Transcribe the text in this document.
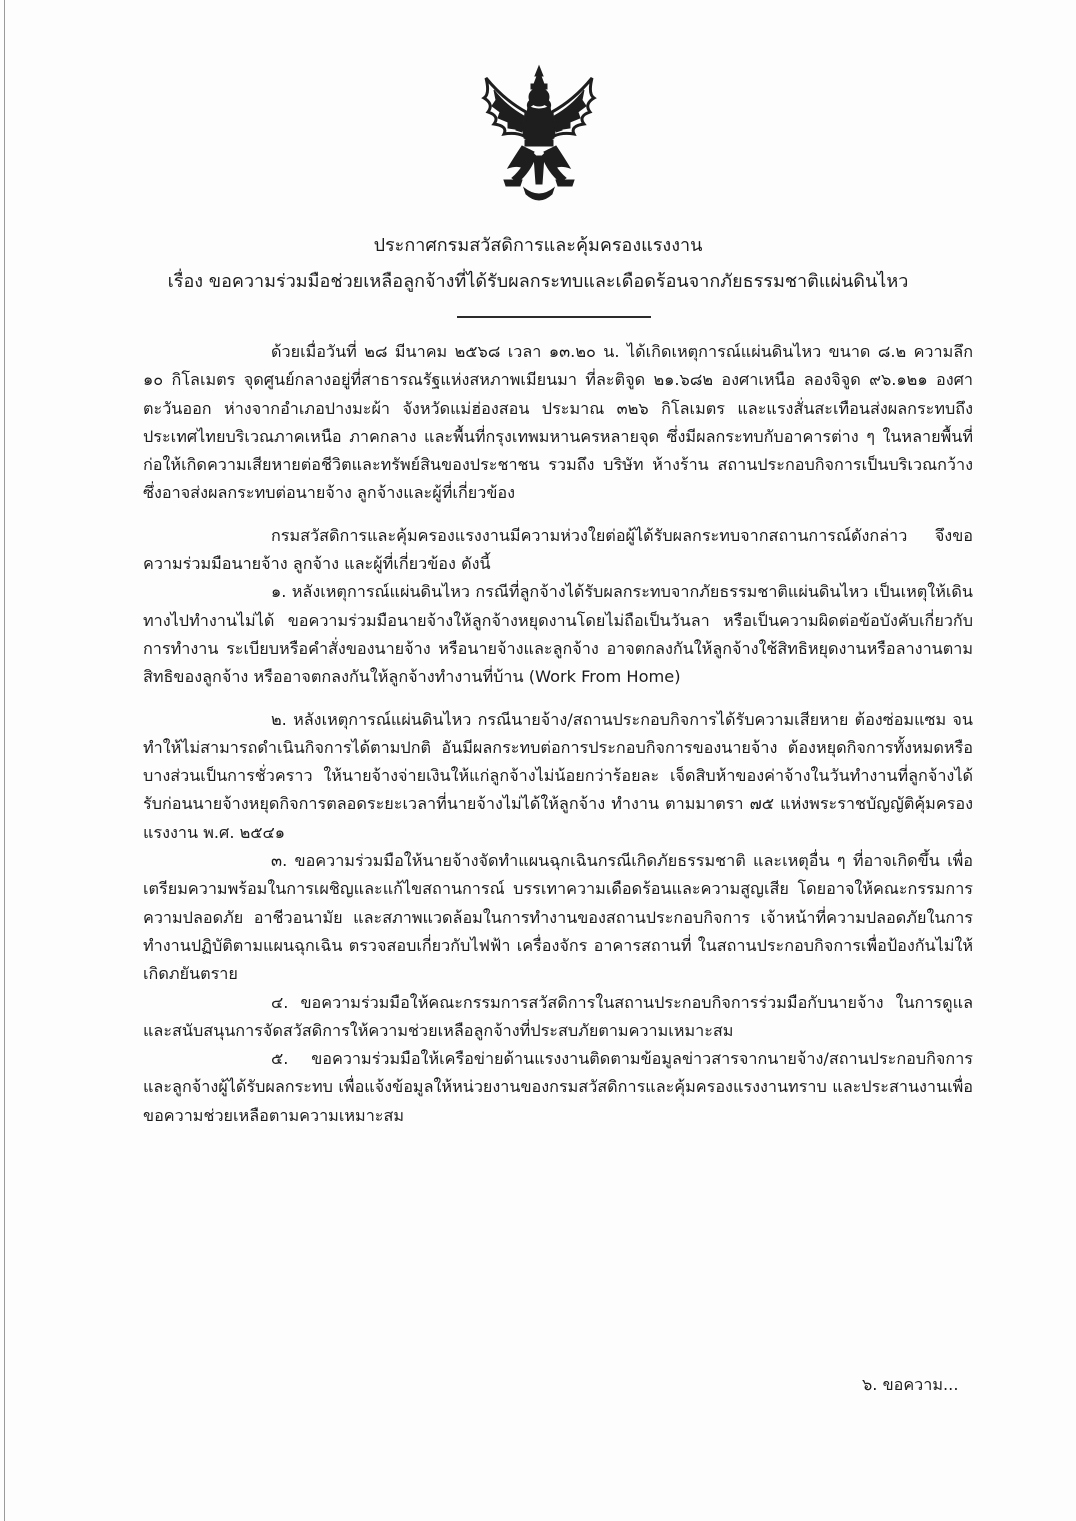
ประกาศกรมสวัสดิการและคุ้มครองแรงงาน
เรื่อง ขอความร่วมมือช่วยเหลือลูกจ้างที่ได้รับผลกระทบและเดือดร้อนจากภัยธรรมชาติแผ่นดินไหว

ด้วยเมื่อวันที่ ๒๘ มีนาคม ๒๕๖๘ เวลา ๑๓.๒๐ น. ได้เกิดเหตุการณ์แผ่นดินไหว ขนาด ๘.๒ ความลึก ๑๐ กิโลเมตร จุดศูนย์กลางอยู่ที่สาธารณรัฐแห่งสหภาพเมียนมา ที่ละติจูด ๒๑.๖๘๒ องศาเหนือ ลองจิจูด ๙๖.๑๒๑ องศาตะวันออก ห่างจากอำเภอปางมะผ้า จังหวัดแม่ฮ่องสอน ประมาณ ๓๒๖ กิโลเมตร และแรงสั่นสะเทือนส่งผลกระทบถึงประเทศไทยบริเวณภาคเหนือ ภาคกลาง และพื้นที่กรุงเทพมหานครหลายจุด ซึ่งมีผลกระทบกับอาคารต่าง ๆ ในหลายพื้นที่ ก่อให้เกิดความเสียหายต่อชีวิตและทรัพย์สินของประชาชน รวมถึง บริษัท ห้างร้าน สถานประกอบกิจการเป็นบริเวณกว้าง ซึ่งอาจส่งผลกระทบต่อนายจ้าง ลูกจ้างและผู้ที่เกี่ยวข้อง

กรมสวัสดิการและคุ้มครองแรงงานมีความห่วงใยต่อผู้ได้รับผลกระทบจากสถานการณ์ดังกล่าว จึงขอความร่วมมือนายจ้าง ลูกจ้าง และผู้ที่เกี่ยวข้อง ดังนี้

๑. หลังเหตุการณ์แผ่นดินไหว กรณีที่ลูกจ้างได้รับผลกระทบจากภัยธรรมชาติแผ่นดินไหว เป็นเหตุให้เดินทางไปทำงานไม่ได้ ขอความร่วมมือนายจ้างให้ลูกจ้างหยุดงานโดยไม่ถือเป็นวันลา หรือเป็นความผิดต่อข้อบังคับเกี่ยวกับการทำงาน ระเบียบหรือคำสั่งของนายจ้าง หรือนายจ้างและลูกจ้าง อาจตกลงกันให้ลูกจ้างใช้สิทธิหยุดงานหรือลางานตามสิทธิของลูกจ้าง หรืออาจตกลงกันให้ลูกจ้างทำงานที่บ้าน (Work From Home)

๒. หลังเหตุการณ์แผ่นดินไหว กรณีนายจ้าง/สถานประกอบกิจการได้รับความเสียหาย ต้องซ่อมแซม จนทำให้ไม่สามารถดำเนินกิจการได้ตามปกติ อันมีผลกระทบต่อการประกอบกิจการของนายจ้าง ต้องหยุดกิจการทั้งหมดหรือบางส่วนเป็นการชั่วคราว ให้นายจ้างจ่ายเงินให้แก่ลูกจ้างไม่น้อยกว่าร้อยละ เจ็ดสิบห้าของค่าจ้างในวันทำงานที่ลูกจ้างได้รับก่อนนายจ้างหยุดกิจการตลอดระยะเวลาที่นายจ้างไม่ได้ให้ลูกจ้าง ทำงาน ตามมาตรา ๗๕ แห่งพระราชบัญญัติคุ้มครองแรงงาน พ.ศ. ๒๕๔๑

๓. ขอความร่วมมือให้นายจ้างจัดทำแผนฉุกเฉินกรณีเกิดภัยธรรมชาติ และเหตุอื่น ๆ ที่อาจเกิดขึ้น เพื่อเตรียมความพร้อมในการเผชิญและแก้ไขสถานการณ์ บรรเทาความเดือดร้อนและความสูญเสีย โดยอาจให้คณะกรรมการความปลอดภัย อาชีวอนามัย และสภาพแวดล้อมในการทำงานของสถานประกอบกิจการ เจ้าหน้าที่ความปลอดภัยในการทำงานปฏิบัติตามแผนฉุกเฉิน ตรวจสอบเกี่ยวกับไฟฟ้า เครื่องจักร อาคารสถานที่ ในสถานประกอบกิจการเพื่อป้องกันไม่ให้เกิดภยันตราย

๔. ขอความร่วมมือให้คณะกรรมการสวัสดิการในสถานประกอบกิจการร่วมมือกับนายจ้าง ในการดูแลและสนับสนุนการจัดสวัสดิการให้ความช่วยเหลือลูกจ้างที่ประสบภัยตามความเหมาะสม

๕. ขอความร่วมมือให้เครือข่ายด้านแรงงานติดตามข้อมูลข่าวสารจากนายจ้าง/สถานประกอบกิจการ และลูกจ้างผู้ได้รับผลกระทบ เพื่อแจ้งข้อมูลให้หน่วยงานของกรมสวัสดิการและคุ้มครองแรงงานทราบ และประสานงานเพื่อขอความช่วยเหลือตามความเหมาะสม

๖. ขอความ...
